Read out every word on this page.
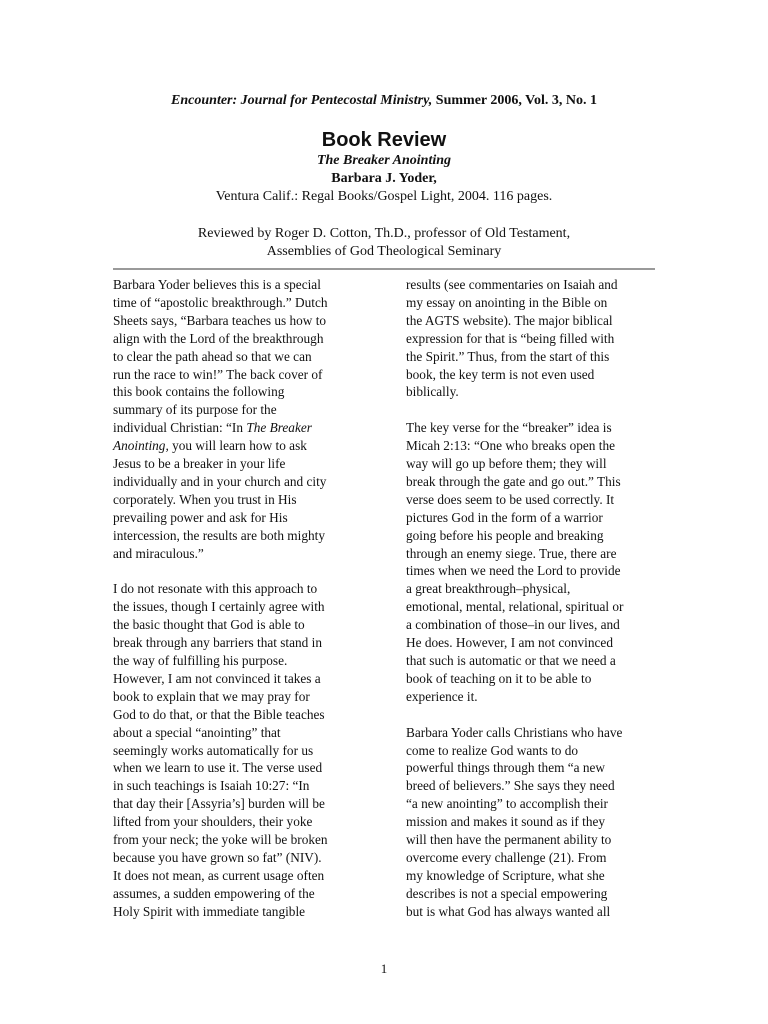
Encounter: Journal for Pentecostal Ministry, Summer 2006, Vol. 3, No. 1
Book Review
The Breaker Anointing
Barbara J. Yoder,
Ventura Calif.: Regal Books/Gospel Light, 2004. 116 pages.
Reviewed by Roger D. Cotton, Th.D., professor of Old Testament,
Assemblies of God Theological Seminary

Barbara Yoder believes this is a special
time of “apostolic breakthrough.” Dutch
Sheets says, “Barbara teaches us how to
align with the Lord of the breakthrough
to clear the path ahead so that we can
run the race to win!” The back cover of
this book contains the following
summary of its purpose for the
individual Christian: “In The Breaker
Anointing, you will learn how to ask
Jesus to be a breaker in your life
individually and in your church and city
corporately. When you trust in His
prevailing power and ask for His
intercession, the results are both mighty
and miraculous.”

I do not resonate with this approach to
the issues, though I certainly agree with
the basic thought that God is able to
break through any barriers that stand in
the way of fulfilling his purpose.
However, I am not convinced it takes a
book to explain that we may pray for
God to do that, or that the Bible teaches
about a special “anointing” that
seemingly works automatically for us
when we learn to use it. The verse used
in such teachings is Isaiah 10:27: “In
that day their [Assyria’s] burden will be
lifted from your shoulders, their yoke
from your neck; the yoke will be broken
because you have grown so fat” (NIV).
It does not mean, as current usage often
assumes, a sudden empowering of the
Holy Spirit with immediate tangible

results (see commentaries on Isaiah and
my essay on anointing in the Bible on
the AGTS website). The major biblical
expression for that is “being filled with
the Spirit.” Thus, from the start of this
book, the key term is not even used
biblically.

The key verse for the “breaker” idea is
Micah 2:13: “One who breaks open the
way will go up before them; they will
break through the gate and go out.” This
verse does seem to be used correctly. It
pictures God in the form of a warrior
going before his people and breaking
through an enemy siege. True, there are
times when we need the Lord to provide
a great breakthrough–physical,
emotional, mental, relational, spiritual or
a combination of those–in our lives, and
He does. However, I am not convinced
that such is automatic or that we need a
book of teaching on it to be able to
experience it.

Barbara Yoder calls Christians who have
come to realize God wants to do
powerful things through them “a new
breed of believers.” She says they need
“a new anointing” to accomplish their
mission and makes it sound as if they
will then have the permanent ability to
overcome every challenge (21). From
my knowledge of Scripture, what she
describes is not a special empowering
but is what God has always wanted all

1
